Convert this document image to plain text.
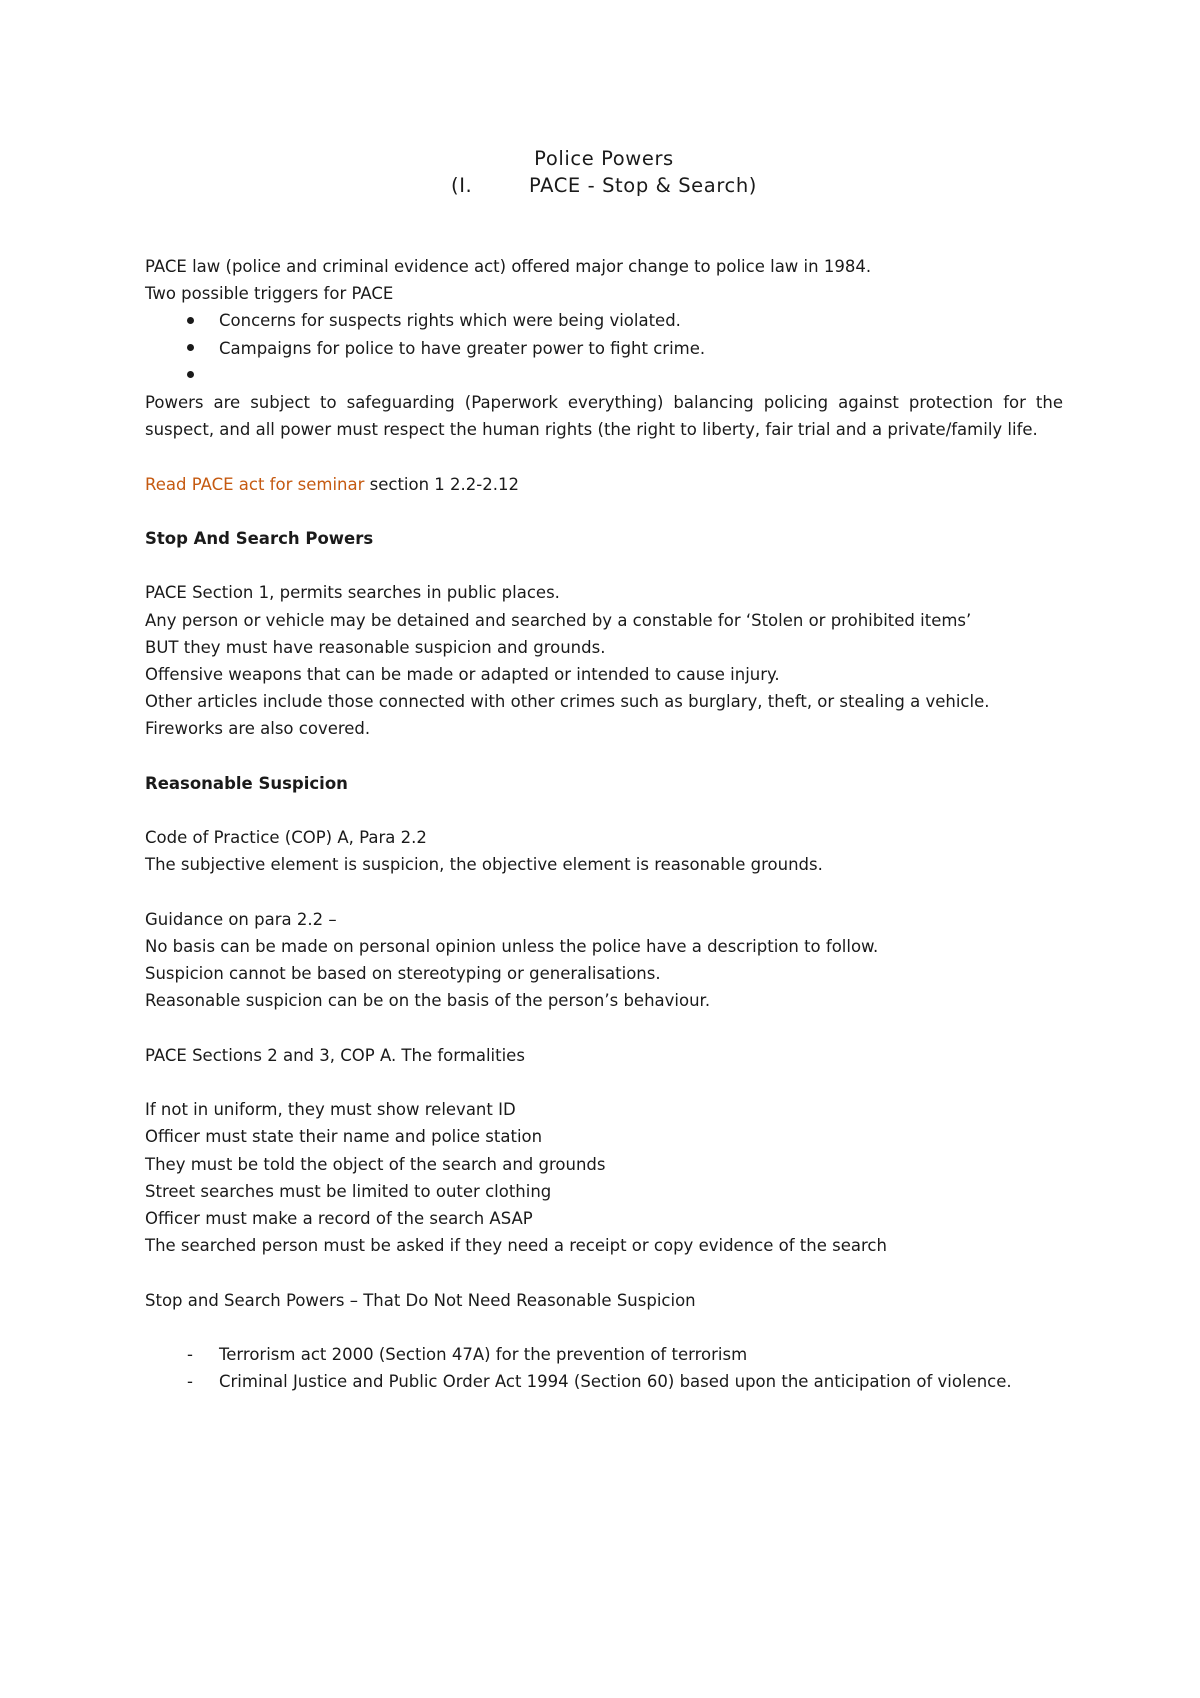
Police Powers

(I.	PACE - Stop & Search)

PACE law (police and criminal evidence act) offered major change to police law in 1984.

Two possible triggers for PACE

Concerns for suspects rights which were being violated.
Campaigns for police to have greater power to fight crime.

Powers are subject to safeguarding (Paperwork everything) balancing policing against protection for the suspect, and all power must respect the human rights (the right to liberty, fair trial and a private/family life.

Read PACE act for seminar section 1 2.2-2.12

Stop And Search Powers

PACE Section 1, permits searches in public places.

Any person or vehicle may be detained and searched by a constable for ‘Stolen or prohibited items’

BUT they must have reasonable suspicion and grounds.

Offensive weapons that can be made or adapted or intended to cause injury.

Other articles include those connected with other crimes such as burglary, theft, or stealing a vehicle.

Fireworks are also covered.

Reasonable Suspicion

Code of Practice (COP) A, Para 2.2

The subjective element is suspicion, the objective element is reasonable grounds.

Guidance on para 2.2 –

No basis can be made on personal opinion unless the police have a description to follow.

Suspicion cannot be based on stereotyping or generalisations.

Reasonable suspicion can be on the basis of the person’s behaviour.

PACE Sections 2 and 3, COP A. The formalities

If not in uniform, they must show relevant ID

Officer must state their name and police station

They must be told the object of the search and grounds

Street searches must be limited to outer clothing

Officer must make a record of the search ASAP

The searched person must be asked if they need a receipt or copy evidence of the search

Stop and Search Powers – That Do Not Need Reasonable Suspicion

- Terrorism act 2000 (Section 47A) for the prevention of terrorism
- Criminal Justice and Public Order Act 1994 (Section 60) based upon the anticipation of violence.
